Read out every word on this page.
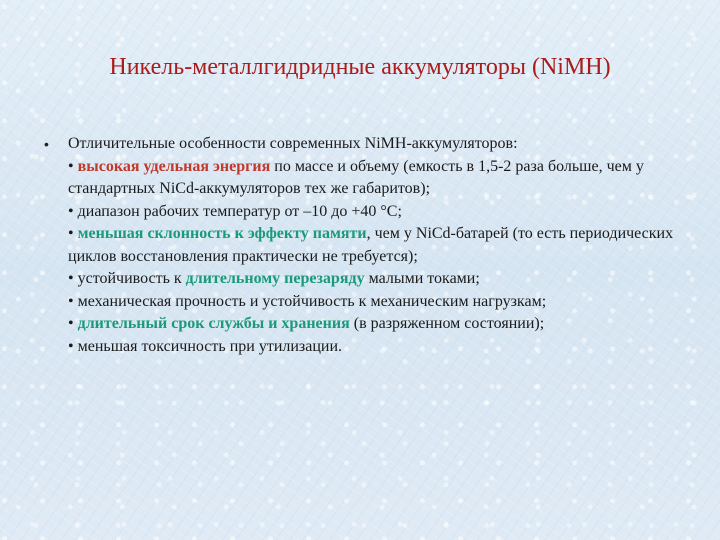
Никель-металлгидридные аккумуляторы (NiMH)
•	Отличительные особенности современных NiMH-аккумуляторов:
• высокая удельная энергия по массе и объему (емкость в 1,5-2 раза больше, чем у стандартных NiCd-аккумуляторов тех же габаритов);
• диапазон рабочих температур от –10 до +40 °С;
• меньшая склонность к эффекту памяти, чем у NiCd-батарей (то есть периодических циклов восстановления практически не требуется);
• устойчивость к длительному перезаряду малыми токами;
• механическая прочность и устойчивость к механическим нагрузкам;
• длительный срок службы и хранения (в разряженном состоянии);
• меньшая токсичность при утилизации.
